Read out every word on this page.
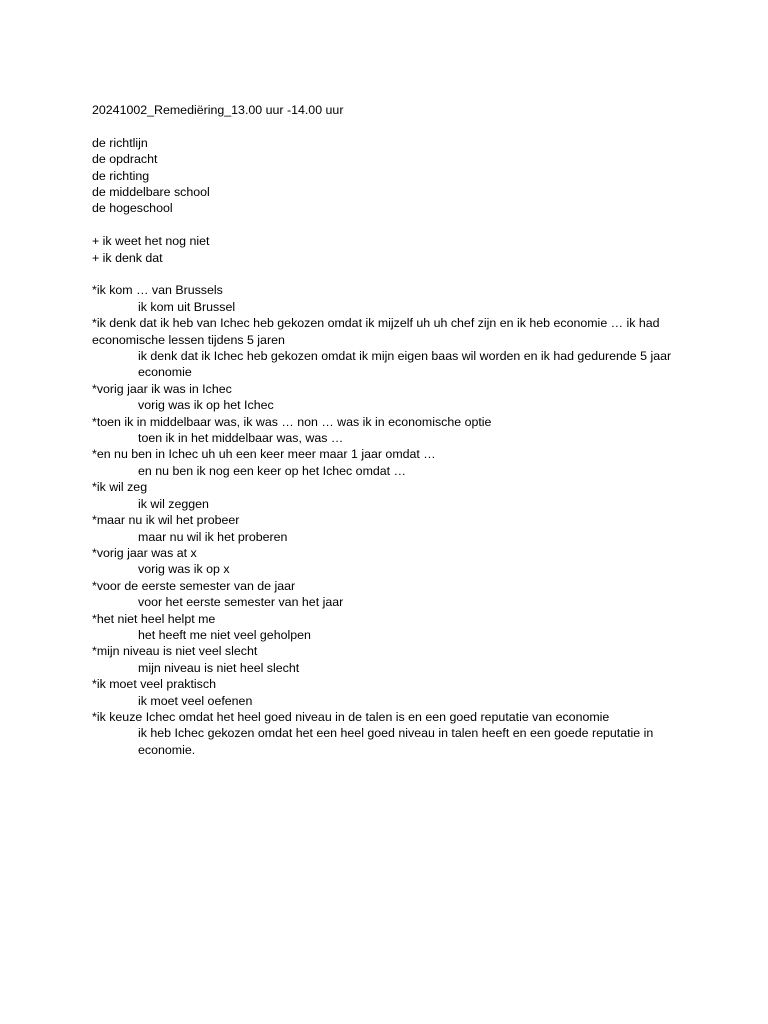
20241002_Remediëring_13.00 uur -14.00 uur

de richtlijn

de opdracht

de richting

de middelbare school

de hogeschool

+ ik weet het nog niet

+ ik denk dat

*ik kom … van Brussels

ik kom uit Brussel

*ik denk dat ik heb van Ichec heb gekozen omdat ik mijzelf uh uh chef zijn en ik heb economie … ik had economische lessen tijdens 5 jaren

ik denk dat ik Ichec heb gekozen omdat ik mijn eigen baas wil worden en ik had gedurende 5 jaar economie

*vorig jaar ik was in Ichec

vorig was ik op het Ichec

*toen ik in middelbaar was, ik was … non … was ik in economische optie

toen ik in het middelbaar was, was …

*en nu ben in Ichec uh uh een keer meer maar 1 jaar omdat …

en nu ben ik nog een keer op het Ichec omdat …

*ik wil zeg

ik wil zeggen

*maar nu ik wil het probeer

maar nu wil ik het proberen

*vorig jaar was at x

vorig was ik op x

*voor de eerste semester van de jaar

voor het eerste semester van het jaar

*het niet heel helpt me

het heeft me niet veel geholpen

*mijn niveau is niet veel slecht

mijn niveau is niet heel slecht

*ik moet veel praktisch

ik moet veel oefenen

*ik keuze Ichec omdat het heel goed niveau in de talen is en een goed reputatie van economie

ik heb Ichec gekozen omdat het een heel goed niveau in talen heeft en een goede reputatie in economie.
